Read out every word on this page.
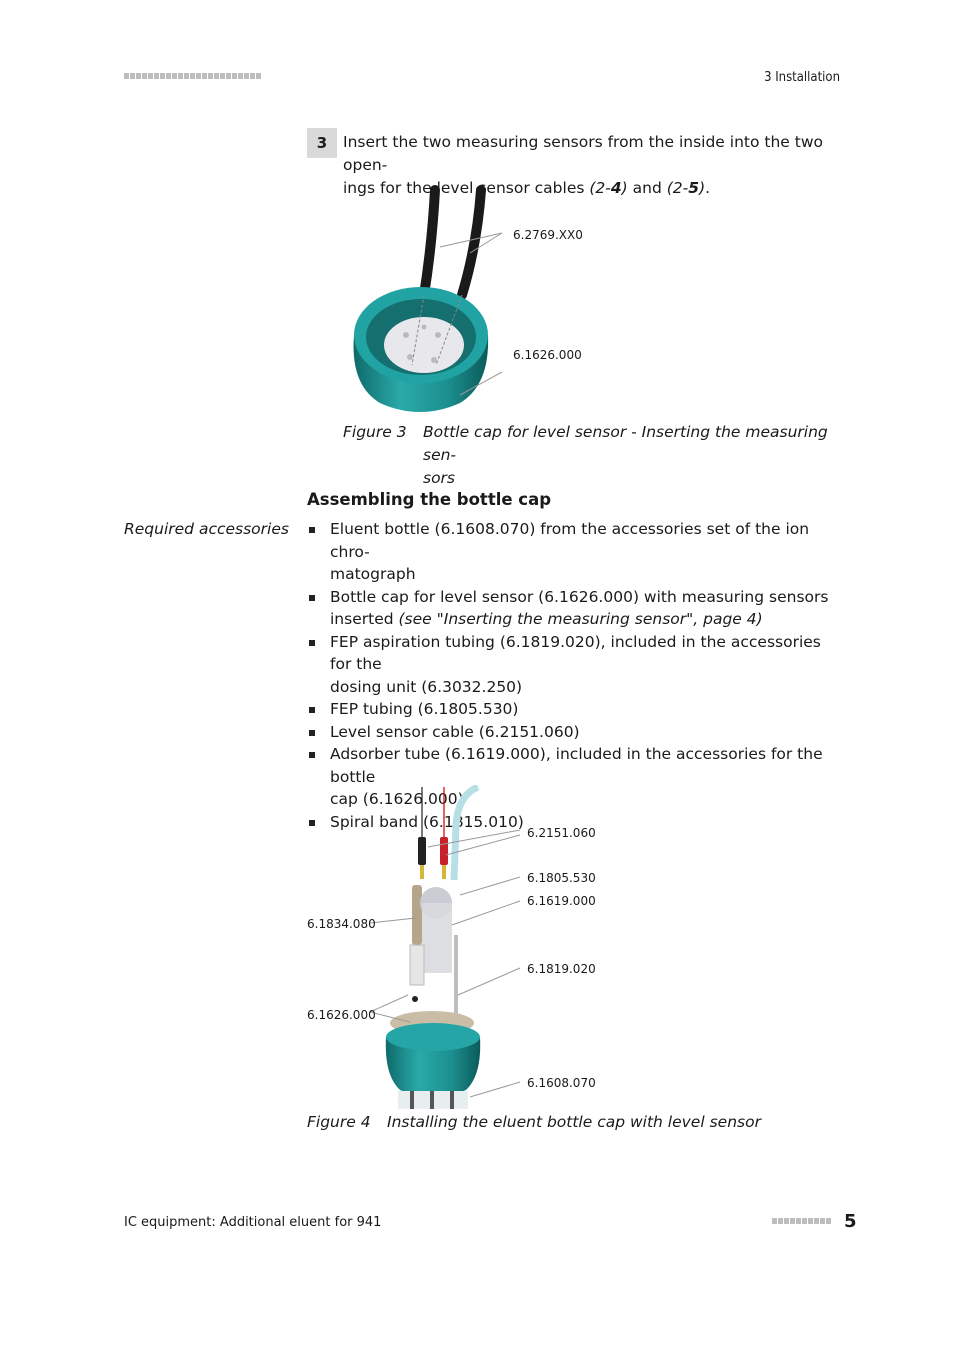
3 Installation
3	Insert the two measuring sensors from the inside into the two open-
ings for the level sensor cables (2-4) and (2-5).
6.2769.XX0
6.1626.000
Figure 3 Bottle cap for level sensor - Inserting the measuring sen-
sors
Assembling the bottle cap
Required accessories	Eluent bottle (6.1608.070) from the accessories set of the ion chro-
matograph
Bottle cap for level sensor (6.1626.000) with measuring sensors
inserted (see "Inserting the measuring sensor", page 4)
FEP aspiration tubing (6.1819.020), included in the accessories for the
dosing unit (6.3032.250)
FEP tubing (6.1805.530)
Level sensor cable (6.2151.060)
Adsorber tube (6.1619.000), included in the accessories for the bottle
cap (6.1626.000)
Spiral band (6.1815.010)
6.2151.060
6.1805.530
6.1619.000
6.1834.080
6.1819.020
6.1626.000
6.1608.070
Figure 4 Installing the eluent bottle cap with level sensor
IC equipment: Additional eluent for 941	5
